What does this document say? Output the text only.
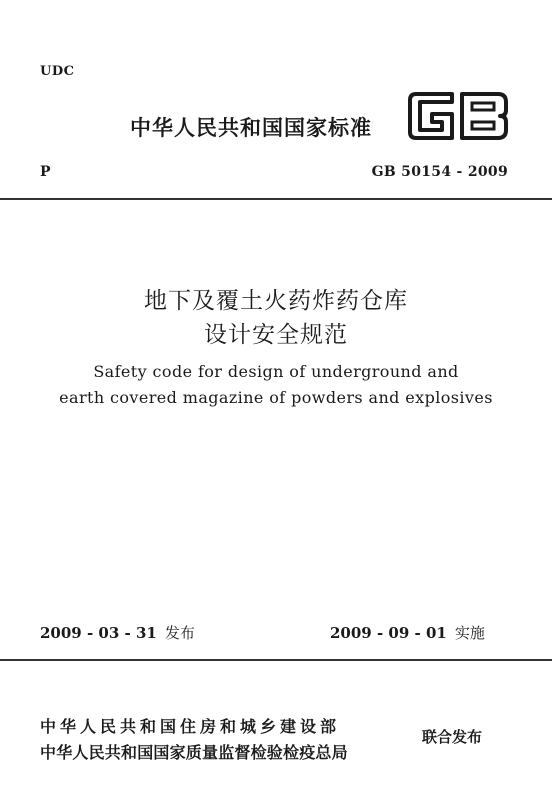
UDC
中华人民共和国国家标准
P	GB 50154 - 2009
地下及覆土火药炸药仓库
设计安全规范
Safety code for design of underground and
earth covered magazine of powders and explosives
2009 - 03 - 31 发布	2009 - 09 - 01 实施
中华人民共和国住房和城乡建设部
中华人民共和国国家质量监督检验检疫总局
联合发布
